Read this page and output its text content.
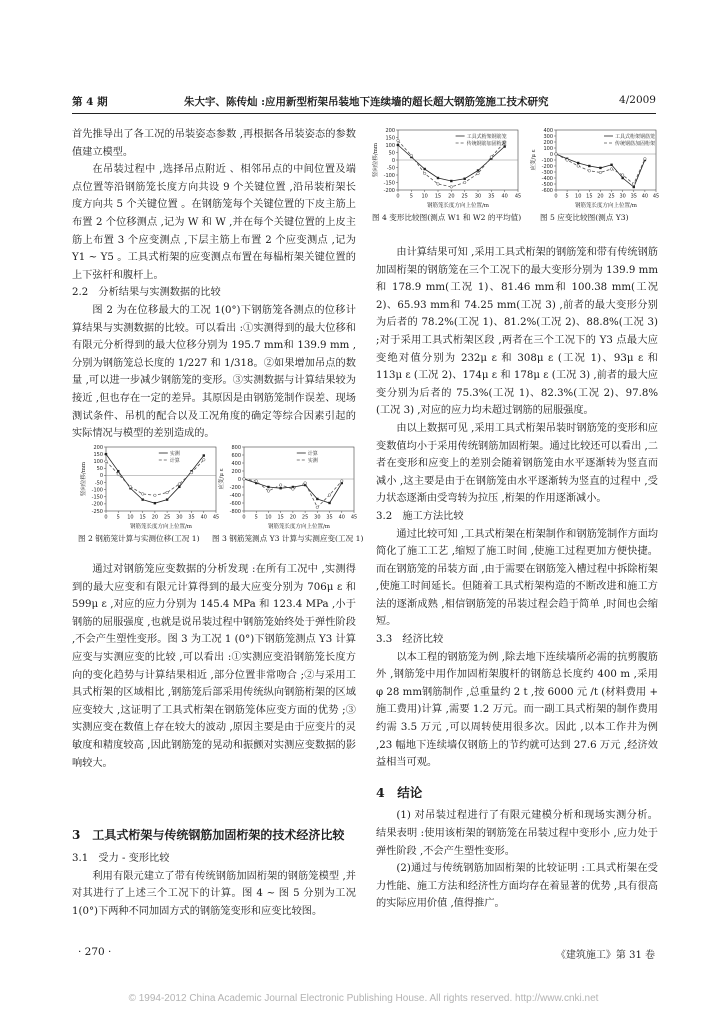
第 4 期	朱大宇、陈传灿 :应用新型桁架吊装地下连续墙的超长超大钢筋笼施工技术研究	4/2009

首先推导出了各工况的吊装姿态参数 ,再根据各吊装姿态的参数值建立模型。

在吊装过程中 ,选择吊点附近 、相邻吊点的中间位置及端点位置等沿钢筋笼长度方向共设 9 个关键位置 ,沿吊装桁架长度方向共 5 个关键位置 。在钢筋笼每个关键位置的下皮主筋上布置 2 个位移测点 ,记为 W 和 W ,并在每个关键位置的上皮主筋上布置 3 个应变测点 ,下层主筋上布置 2 个应变测点 ,记为 Y1 ~ Y5 。工具式桁架的应变测点布置在每榀桁架关键位置的上下弦杆和腹杆上。

2.2　分析结果与实测数据的比较

图 2 为在位移最大的工况 1(0°)下钢筋笼各测点的位移计算结果与实测数据的比较。可以看出 :①实测得到的最大位移和有限元分析得到的最大位移分别为 195.7 mm和 139.9 mm ,分别为钢筋笼总长度的 1/227 和 1/318。②如果增加吊点的数量 ,可以进一步减少钢筋笼的变形。③实测数据与计算结果较为接近 ,但也存在一定的差异。其原因是由钢筋笼制作误差、现场测试条件、吊机的配合以及工况角度的确定等综合因素引起的实际情况与模型的差别造成的。

200
150
100
50
0
-50
-100
-150
-200
-250
0 5 10 15 20 25 30 35 40 45
钢筋笼长度方向上位置/m
竖向位移/mm
实测
计算
图 2 钢筋笼计算与实测位移(工况 1)
800
600
400
200
0
-200
-400
-600
-800
0 5 10 15 20 25 30 35 40 45
钢筋笼长度方向上位置/m
应变/μ ε
计算
实测
图 3 钢筋笼测点 Y3 计算与实测应变(工况 1)

通过对钢筋笼应变数据的分析发现 :在所有工况中 ,实测得到的最大应变和有限元计算得到的最大应变分别为 706μ ε 和 599μ ε ,对应的应力分别为 145.4 MPa 和 123.4 MPa ,小于钢筋的屈服强度 ,也就是说吊装过程中钢筋笼始终处于弹性阶段 ,不会产生塑性变形。图 3 为工况 1 (0°)下钢筋笼测点 Y3 计算应变与实测应变的比较 ,可以看出 :①实测应变沿钢筋笼长度方向的变化趋势与计算结果相近 ,部分位置非常吻合 ;②与采用工具式桁架的区域相比 ,钢筋笼后部采用传统纵向钢筋桁架的区域应变较大 ,这证明了工具式桁架在钢筋笼体应变方面的优势 ;③实测应变在数值上存在较大的波动 ,原因主要是由于应变片的灵敏度和精度较高 ,因此钢筋笼的晃动和振颤对实测应变数据的影响较大。

3　工具式桁架与传统钢筋加固桁架的技术经济比较

3.1　受力 - 变形比较

利用有限元建立了带有传统钢筋加固桁架的钢筋笼模型 ,并对其进行了上述三个工况下的计算。图 4 ~ 图 5 分别为工况 1(0°)下两种不同加固方式的钢筋笼变形和应变比较图。

200
150
100
50
0
-50
-100
-150
-200
0 5 10 15 20 25 30 35 40 45
钢筋笼长度方向上位置/m
竖向位移/mm
工具式桁架钢筋笼
传统钢筋加固桁架
图 4 变形比较图(测点 W1 和 W2 的平均值)
400
300
200
100
0
-100
-200
-300
-400
-500
-600
0 5 10 15 20 25 30 35 40 45
钢筋笼长度方向上位置/m
应变/μ ε
工具式桁架钢筋笼
传统钢筋加固桁架
图 5 应变比较图(测点 Y3)

由计算结果可知 ,采用工具式桁架的钢筋笼和带有传统钢筋加固桁架的钢筋笼在三个工况下的最大变形分别为 139.9 mm和 178.9 mm(工况 1)、81.46 mm和 100.38 mm(工况 2)、65.93 mm和 74.25 mm(工况 3) ,前者的最大变形分别为后者的 78.2%(工况 1)、81.2%(工况 2)、88.8%(工况 3) ;对于采用工具式桁架区段 ,两者在三个工况下的 Y3 点最大应变绝对值分别为 232μ ε 和 308μ ε (工况 1)、93μ ε 和 113μ ε (工况 2)、174μ ε 和 178μ ε (工况 3) ,前者的最大应变分别为后者的 75.3%(工况 1)、82.3%(工况 2)、97.8%(工况 3) ,对应的应力均未超过钢筋的屈服强度。

由以上数据可见 ,采用工具式桁架吊装时钢筋笼的变形和应变数值均小于采用传统钢筋加固桁架。通过比较还可以看出 ,二者在变形和应变上的差别会随着钢筋笼由水平逐渐转为竖直而减小 ,这主要是由于在钢筋笼由水平逐渐转为竖直的过程中 ,受力状态逐渐由受弯转为拉压 ,桁架的作用逐渐减小。

3.2　施工方法比较

通过比较可知 ,工具式桁架在桁架制作和钢筋笼制作方面均简化了施工工艺 ,缩短了施工时间 ,使施工过程更加方便快捷。而在钢筋笼的吊装方面 ,由于需要在钢筋笼入槽过程中拆除桁架 ,使施工时间延长。但随着工具式桁架构造的不断改进和施工方法的逐渐成熟 ,相信钢筋笼的吊装过程会趋于简单 ,时间也会缩短。

3.3　经济比较

以本工程的钢筋笼为例 ,除去地下连续墙所必需的抗剪腹筋外 ,钢筋笼中用作加固桁架腹杆的钢筋总长度约 400 m ,采用 φ 28 mm钢筋制作 ,总重量约 2 t ,按 6000 元 /t (材料费用 + 施工费用)计算 ,需要 1.2 万元。而一副工具式桁架的制作费用约需 3.5 万元 ,可以周转使用很多次。因此 ,以本工作井为例 ,23 幅地下连续墙仅钢筋上的节约就可达到 27.6 万元 ,经济效益相当可观。

4　结论

(1) 对吊装过程进行了有限元建模分析和现场实测分析。结果表明 :使用该桁架的钢筋笼在吊装过程中变形小 ,应力处于弹性阶段 ,不会产生塑性变形。

(2)通过与传统钢筋加固桁架的比较证明 :工具式桁架在受力性能、施工方法和经济性方面均存在着显著的优势 ,具有很高的实际应用价值 ,值得推广。

· 270 ·	《建筑施工》第 31 卷
© 1994-2012 China Academic Journal Electronic Publishing House. All rights reserved. http://www.cnki.net
